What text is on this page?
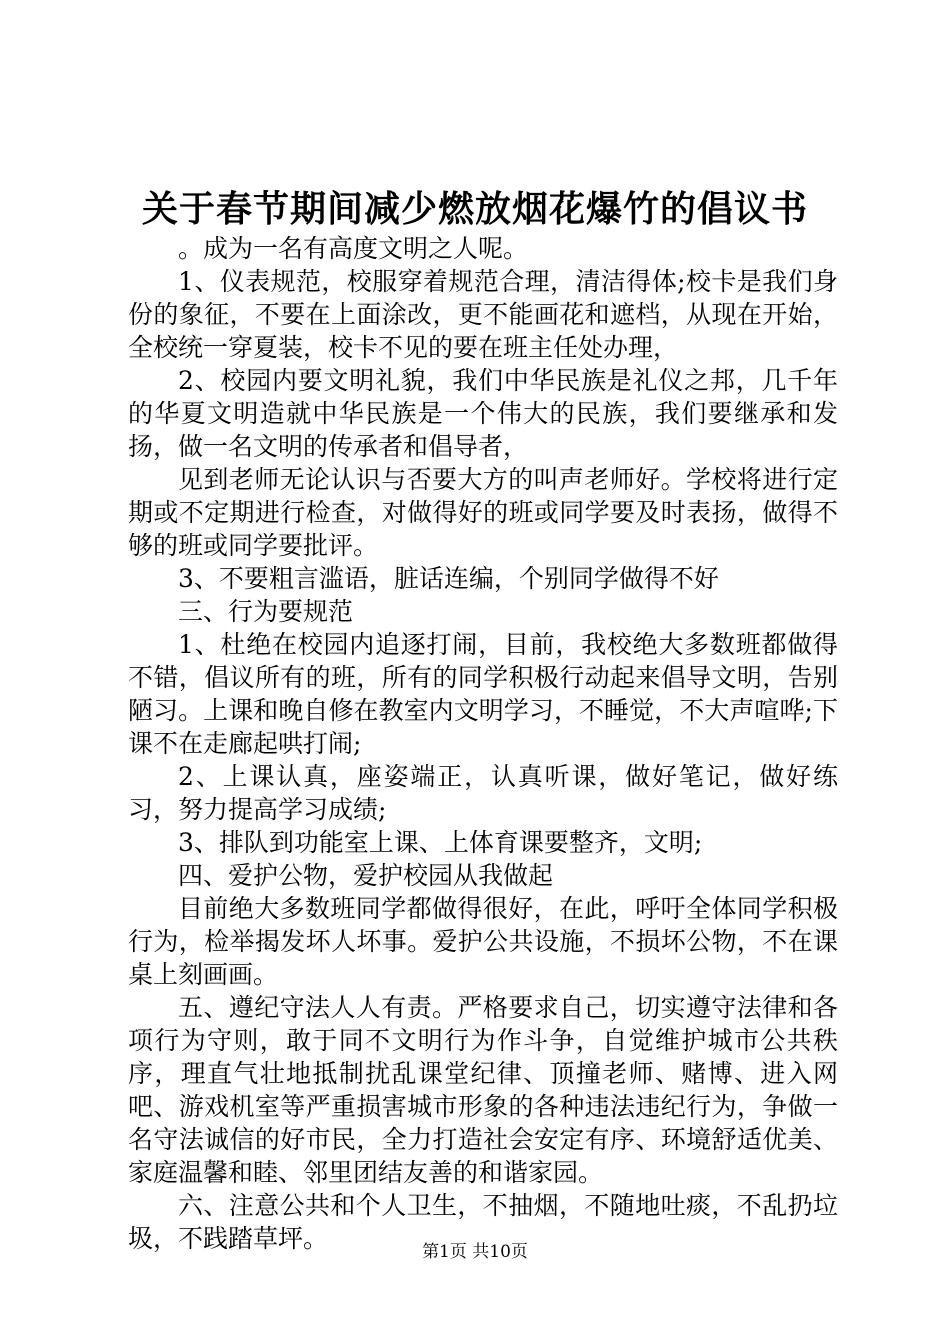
关于春节期间减少燃放烟花爆竹的倡议书

。成为一名有高度文明之人呢。

1、仪表规范，校服穿着规范合理，清洁得体;校卡是我们身份的象征，不要在上面涂改，更不能画花和遮档，从现在开始，全校统一穿夏装，校卡不见的要在班主任处办理，

2、校园内要文明礼貌，我们中华民族是礼仪之邦，几千年的华夏文明造就中华民族是一个伟大的民族，我们要继承和发扬，做一名文明的传承者和倡导者，

见到老师无论认识与否要大方的叫声老师好。学校将进行定期或不定期进行检查，对做得好的班或同学要及时表扬，做得不够的班或同学要批评。

3、不要粗言滥语，脏话连编，个别同学做得不好

三、行为要规范

1、杜绝在校园内追逐打闹，目前，我校绝大多数班都做得不错，倡议所有的班，所有的同学积极行动起来倡导文明，告别陋习。上课和晚自修在教室内文明学习，不睡觉，不大声喧哗;下课不在走廊起哄打闹;

2、上课认真，座姿端正，认真听课，做好笔记，做好练习，努力提高学习成绩;

3、排队到功能室上课、上体育课要整齐，文明;

四、爱护公物，爱护校园从我做起

目前绝大多数班同学都做得很好，在此，呼吁全体同学积极行为，检举揭发坏人坏事。爱护公共设施，不损坏公物，不在课桌上刻画画。

五、遵纪守法人人有责。严格要求自己，切实遵守法律和各项行为守则，敢于同不文明行为作斗争，自觉维护城市公共秩序，理直气壮地抵制扰乱课堂纪律、顶撞老师、赌博、进入网吧、游戏机室等严重损害城市形象的各种违法违纪行为，争做一名守法诚信的好市民，全力打造社会安定有序、环境舒适优美、家庭温馨和睦、邻里团结友善的和谐家园。

六、注意公共和个人卫生，不抽烟，不随地吐痰，不乱扔垃圾，不践踏草坪。	第1页 共10页
